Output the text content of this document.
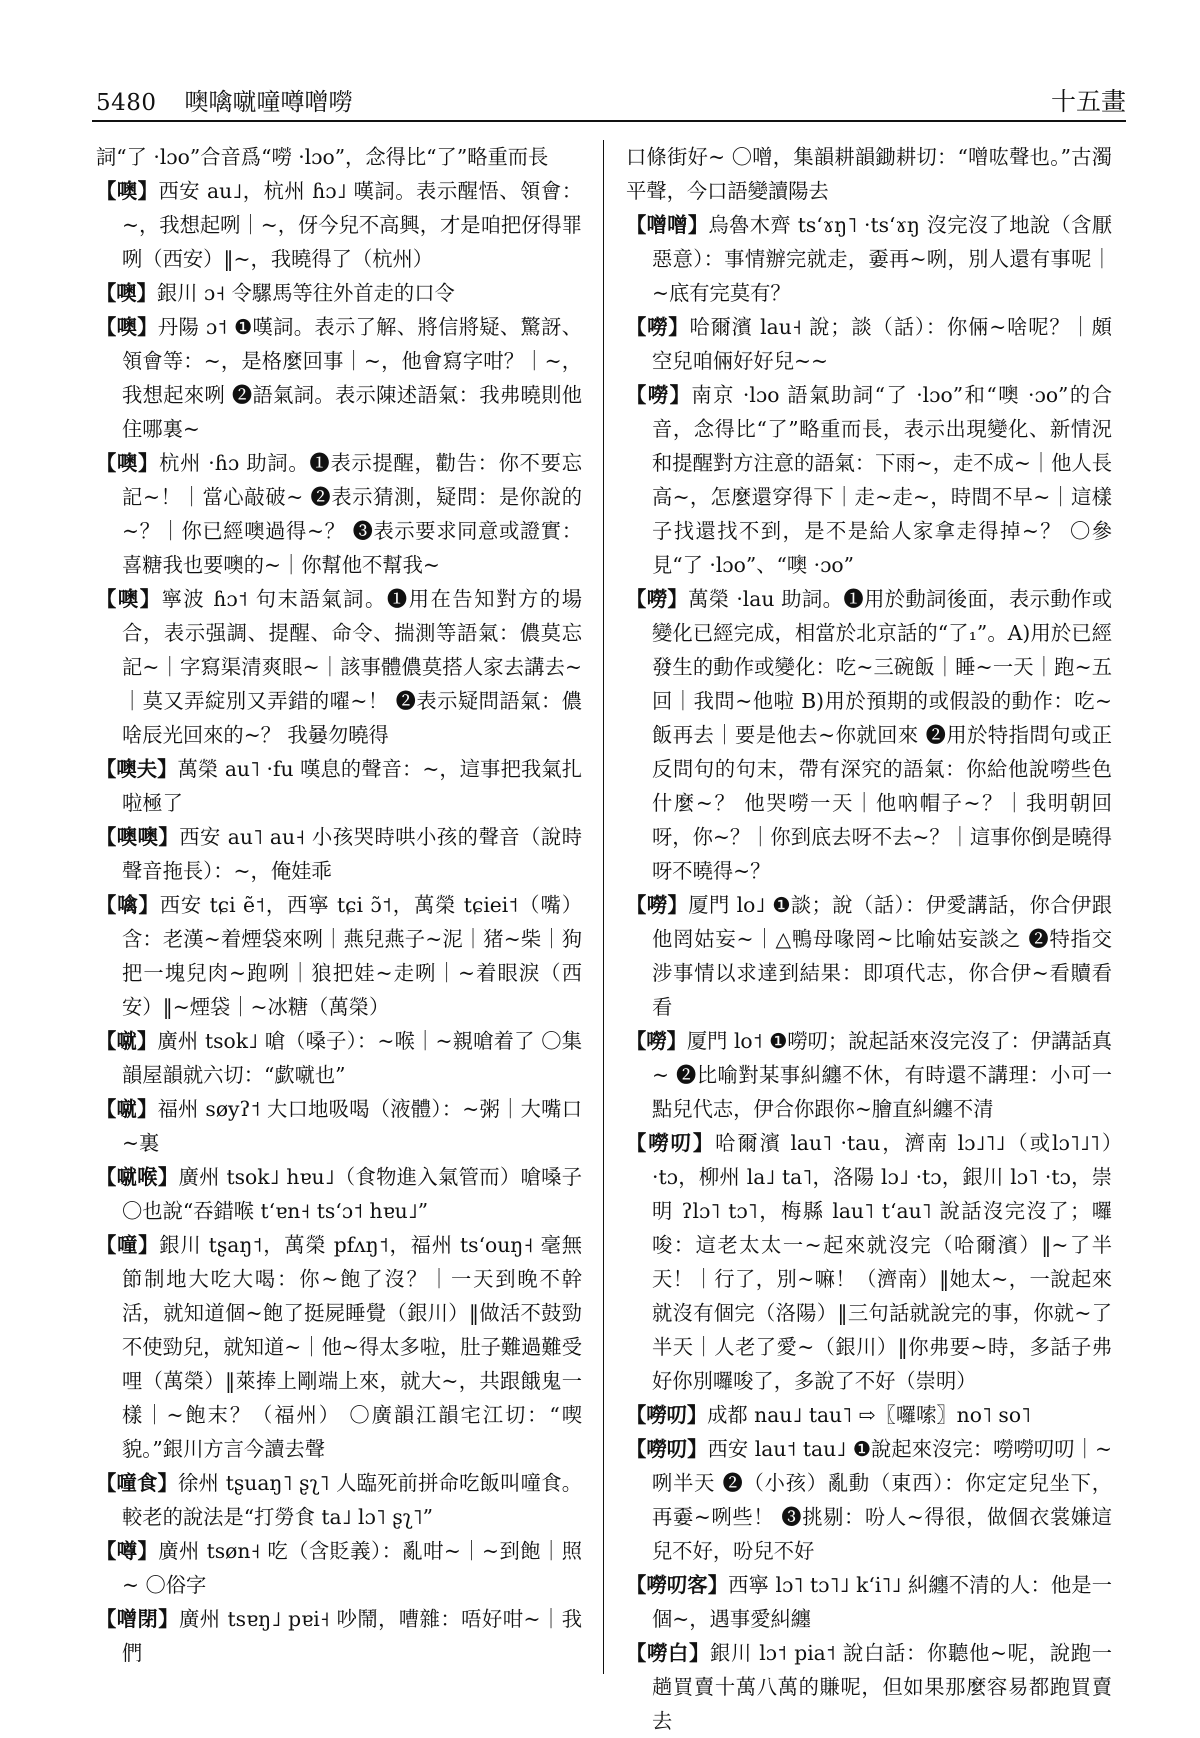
5480 噢噙噈噇噂噌嘮	十五畫

詞“了 ·lɔo”合音爲“嘮 ·lɔo”，念得比“了”略重而長

【噢】西安 au˩，杭州 ɦɔ˩ 嘆詞。表示醒悟、領會：~，我想起咧｜~，伢今兒不高興，才是咱把伢得罪咧（西安）‖~，我曉得了（杭州）

【噢】銀川 ɔ˧ 令騾馬等往外首走的口令

【噢】丹陽 ɔ˦ ❶嘆詞。表示了解、將信將疑、驚訝、領會等：~，是格麼回事｜~，他會寫字咁？｜~，我想起來咧 ❷語氣詞。表示陳述語氣：我弗曉則他住哪裏~

【噢】杭州 ·ɦɔ 助詞。❶表示提醒，勸告：你不要忘記~！｜當心敲破~ ❷表示猜測，疑問：是你說的~？｜你已經噢過得~？ ❸表示要求同意或證實：喜糖我也要噢的~｜你幫他不幫我~

【噢】寧波 ɦɔ˦ 句末語氣詞。❶用在告知對方的場合，表示强調、提醒、命令、揣測等語氣：儂莫忘記~｜字寫渠清爽眼~｜該事體儂莫搭人家去講去~｜莫又弄綻別又弄錯的嚁~！ ❷表示疑問語氣：儂啥辰光回來的~？ 我嘦勿曉得

【噢夫】萬榮 au˥ ·fu 嘆息的聲音：~，這事把我氣扎啦極了

【噢噢】西安 au˥ au˧ 小孩哭時哄小孩的聲音（說時聲音拖長）：~，俺娃乖

【噙】西安 tɕi ẽ˦，西寧 tɕi ɔ̃˦，萬榮 tɕiei˦（嘴）含：老漢~着煙袋來咧｜燕兒燕子~泥｜猪~柴｜狗把一塊兒肉~跑咧｜狼把娃~走咧｜~着眼淚（西安）‖~煙袋｜~冰糖（萬榮）

【噈】廣州 tsok˩ 嗆（嗓子）：~喉｜~親嗆着了 〇集韻屋韻就六切：“歔噈也”

【噈】福州 søyʔ˦ 大口地吸喝（液體）：~粥｜大嘴口~裏

【噈喉】廣州 tsok˩ hɐu˩（食物進入氣管而）嗆嗓子 〇也說“吞錯喉 tʻɐn˧ tsʻɔ˦ hɐu˩”

【噇】銀川 tʂaŋ˦，萬榮 pfʌŋ˦，福州 tsʻouŋ˧ 毫無節制地大吃大喝：你~飽了沒？｜一天到晚不幹活，就知道個~飽了挺屍睡覺（銀川）‖做活不鼓勁不使勁兒，就知道~｜他~得太多啦，肚子難過難受哩（萬榮）‖萊捧上剛端上來，就大~，共跟餓鬼一樣｜~飽末？（福州） 〇廣韻江韻宅江切：“喫貌。”銀川方言今讀去聲

【噇食】徐州 tʂuaŋ˥ ʂʅ˥ 人臨死前拼命吃飯叫噇食。較老的說法是“打勞食 ta˩ lɔ˥ ʂʅ˥”

【噂】廣州 tsøn˧ 吃（含貶義）：亂咁~｜~到飽｜照~ 〇俗字

【噌閉】廣州 tsɐŋ˩ pɐi˧ 吵鬧，嘈雜：唔好咁~｜我們

口條街好~ 〇噌，集韻耕韻鋤耕切：“噌吰聲也。”古濁平聲，今口語變讀陽去

【噌噌】烏魯木齊 tsʻɤŋ˥ ·tsʻɤŋ 沒完沒了地說（含厭惡意）：事情辦完就走，嫑再~咧，別人還有事呢｜~底有完莫有？

【嘮】哈爾濱 lau˧ 說；談（話）：你倆~啥呢？｜頗空兒咱倆好好兒~~

【嘮】南京 ·lɔo 語氣助詞“了 ·lɔo”和“噢 ·ɔo”的合音，念得比“了”略重而長，表示出現變化、新情況和提醒對方注意的語氣：下雨~，走不成~｜他人長高~，怎麼還穿得下｜走~走~，時間不早~｜這樣子找還找不到，是不是給人家拿走得掉~？ 〇參見“了 ·lɔo”、“噢 ·ɔo”

【嘮】萬榮 ·lau 助詞。❶用於動詞後面，表示動作或變化已經完成，相當於北京話的“了₁”。A)用於已經發生的動作或變化：吃~三碗飯｜睡~一天｜跑~五回｜我問~他啦 B)用於預期的或假設的動作：吃~飯再去｜要是他去~你就回來 ❷用於特指問句或正反問句的句末，帶有深究的語氣：你給他說嘮些色什麼~？ 他哭嘮一天｜他吶帽子~？｜我明朝回呀，你~？｜你到底去呀不去~？｜這事你倒是曉得呀不曉得~？

【嘮】厦門 lo˩ ❶談；說（話）：伊愛講話，你合伊跟他罔姑妄~｜△鴨母喙罔~比喻姑妄談之 ❷特指交涉事情以求達到結果：即項代志，你合伊~看贖看看

【嘮】厦門 lo˦ ❶嘮叨；說起話來沒完沒了：伊講話真~ ❷比喻對某事糾纏不休，有時還不講理：小可一點兒代志，伊合你跟你~膾直糾纏不清

【嘮叨】哈爾濱 lau˥ ·tau，濟南 lɔ˩˥˩（或lɔ˥˩˥）·tɔ，柳州 la˩ ta˥，洛陽 lɔ˩ ·tɔ，銀川 lɔ˥ ·tɔ，崇明 ʔlɔ˥ tɔ˥，梅縣 lau˥ tʻau˥ 說話沒完沒了；囉唆：這老太太一~起來就沒完（哈爾濱）‖~了半天！｜行了，別~嘛！（濟南）‖她太~，一說起來就沒有個完（洛陽）‖三句話就說完的事，你就~了半天｜人老了愛~（銀川）‖你弗要~時，多話子弗好你別囉唆了，多說了不好（崇明）

【嘮叨】成都 nau˩ tau˥ ⇨〖囉嗦〗no˥ so˥

【嘮叨】西安 lau˦ tau˩ ❶說起來沒完：嘮嘮叨叨｜~咧半天 ❷（小孩）亂動（東西）：你定定兒坐下，再嫑~咧些！ ❸挑剔：吩人~得很，做個衣裳嫌這兒不好，吩兒不好

【嘮叨客】西寧 lɔ˥ tɔ˥˩ kʻi˥˩ 糾纏不清的人：他是一個~，遇事愛糾纏

【嘮白】銀川 lɔ˦ pia˦ 說白話：你聽他~呢，說跑一趟買賣十萬八萬的賺呢，但如果那麼容易都跑買賣去
